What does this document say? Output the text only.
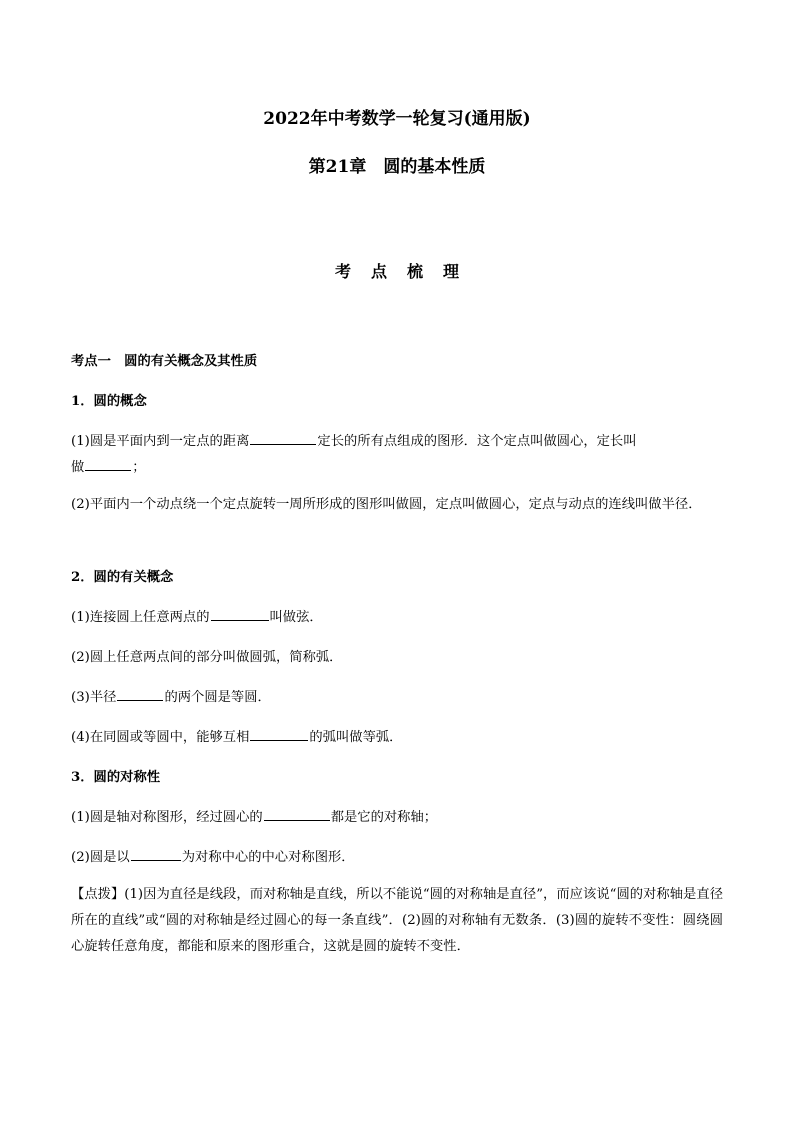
2022年中考数学一轮复习(通用版)
第21章　圆的基本性质
考点梳理
考点一　圆的有关概念及其性质
1．圆的概念
(1)圆是平面内到一定点的距离	定长的所有点组成的图形．这个定点叫做圆心，定长叫
做	；
(2)平面内一个动点绕一个定点旋转一周所形成的图形叫做圆，定点叫做圆心，定点与动点的连线叫做半径．
2．圆的有关概念
(1)连接圆上任意两点的	叫做弦．
(2)圆上任意两点间的部分叫做圆弧，简称弧．
(3)半径	的两个圆是等圆．
(4)在同圆或等圆中，能够互相	的弧叫做等弧．
3．圆的对称性
(1)圆是轴对称图形，经过圆心的	都是它的对称轴；
(2)圆是以	为对称中心的中心对称图形．
【点拨】(1)因为直径是线段，而对称轴是直线，所以不能说“圆的对称轴是直径”，而应该说“圆的对称轴是直径所在的直线”或“圆的对称轴是经过圆心的每一条直线”．(2)圆的对称轴有无数条．(3)圆的旋转不变性：圆绕圆心旋转任意角度，都能和原来的图形重合，这就是圆的旋转不变性．
